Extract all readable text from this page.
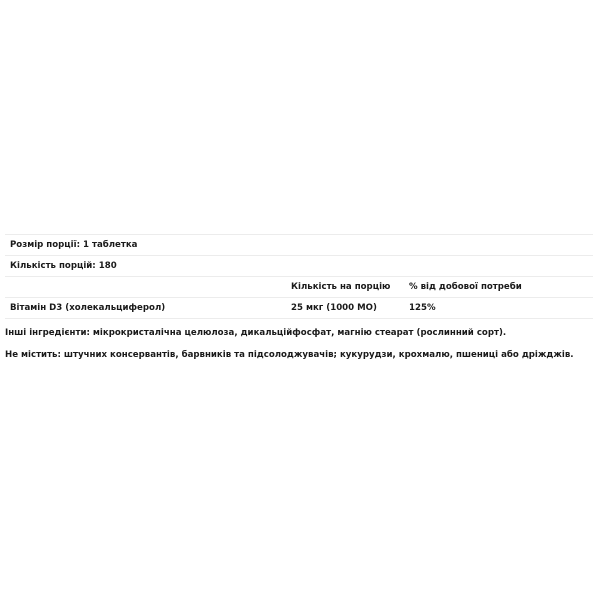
Розмір порції: 1 таблетка		
Кількість порцій: 180		
	Кількість на порцію	% від добової потреби
Вітамін D3 (холекальциферол)	25 мкг (1000 МО)	125%
Інші інгредієнти: мікрокристалічна целюлоза, дикальційфосфат, магнію стеарат (рослинний сорт).
Не містить: штучних консервантів, барвників та підсолоджувачів; кукурудзи, крохмалю, пшениці або дріжджів.
